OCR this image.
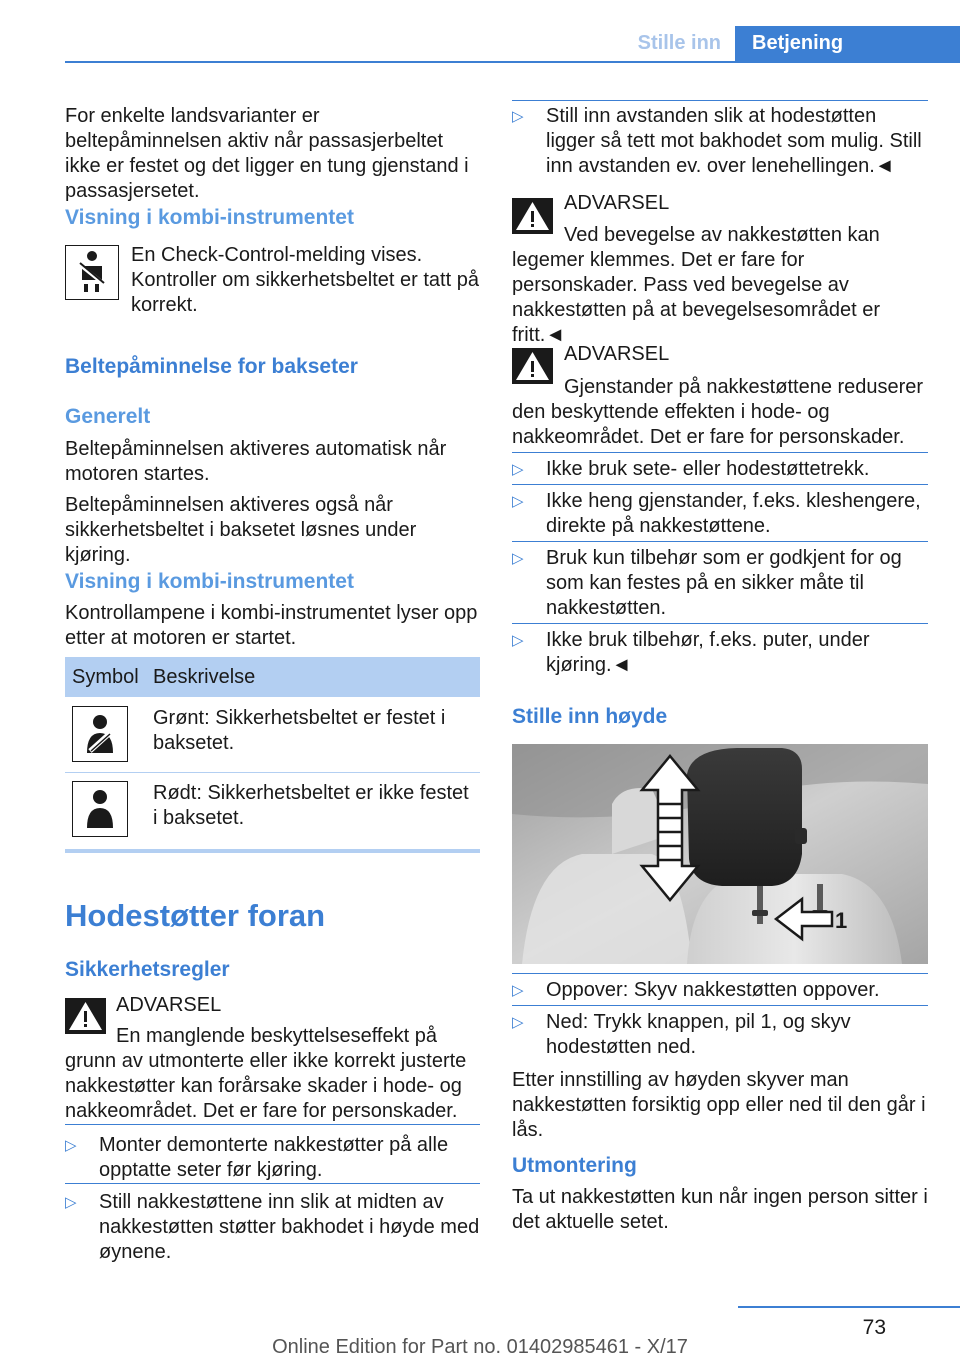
Stille inn	Betjening
For enkelte landsvarianter er beltepåminnelsen aktiv når passasjerbeltet ikke er festet og det ligger en tung gjenstand i passasjersetet.
Visning i kombi-instrumentet
En Check-Control-melding vises. Kontroller om sikkerhetsbeltet er tatt på korrekt.
Beltepåminnelse for bakseter
Generelt
Beltepåminnelsen aktiveres automatisk når motoren startes.
Beltepåminnelsen aktiveres også når sikkerhetsbeltet i baksetet løsnes under kjøring.
Visning i kombi-instrumentet
Kontrollampene i kombi-instrumentet lyser opp etter at motoren er startet.
Symbol Beskrivelse
Grønt: Sikkerhetsbeltet er festet i baksetet.
Rødt: Sikkerhetsbeltet er ikke festet i baksetet.
Hodestøtter foran
Sikkerhetsregler
ADVARSEL
En manglende beskyttelseseffekt på grunn av utmonterte eller ikke korrekt justerte nakkestøtter kan forårsake skader i hode- og nakkeområdet. Det er fare for personskader.
▷	Monter demonterte nakkestøtter på alle opptatte seter før kjøring.
▷	Still nakkestøttene inn slik at midten av nakkestøtten støtter bakhodet i høyde med øynene.
▷	Still inn avstanden slik at hodestøtten ligger så tett mot bakhodet som mulig. Still inn avstanden ev. over lenehellingen.◄
ADVARSEL
Ved bevegelse av nakkestøtten kan legemer klemmes. Det er fare for personskader. Pass ved bevegelse av nakkestøtten på at bevegelsesområdet er fritt.◄
ADVARSEL
Gjenstander på nakkestøttene reduserer den beskyttende effekten i hode- og nakkeområdet. Det er fare for personskader.
▷	Ikke bruk sete- eller hodestøttetrekk.
▷	Ikke heng gjenstander, f.eks. kleshengere, direkte på nakkestøttene.
▷	Bruk kun tilbehør som er godkjent for og som kan festes på en sikker måte til nakkestøtten.
▷	Ikke bruk tilbehør, f.eks. puter, under kjøring.◄
Stille inn høyde
1
▷	Oppover: Skyv nakkestøtten oppover.
▷	Ned: Trykk knappen, pil 1, og skyv hodestøtten ned.
Etter innstilling av høyden skyver man nakkestøtten forsiktig opp eller ned til den går i lås.
Utmontering
Ta ut nakkestøtten kun når ingen person sitter i det aktuelle setet.
73
Online Edition for Part no. 01402985461 - X/17
